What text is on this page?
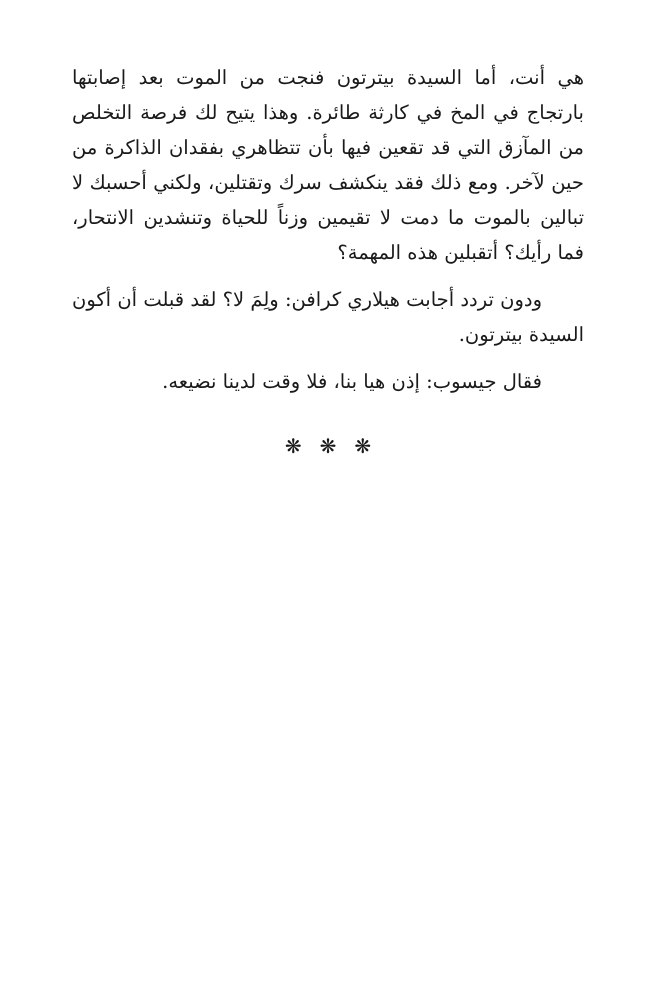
هي أنت، أما السيدة بيترتون فنجت من الموت بعد إصابتها بارتجاج في المخ في كارثة طائرة. وهذا يتيح لك فرصة التخلص من المآزق التي قد تقعين فيها بأن تتظاهري بفقدان الذاكرة من حين لآخر. ومع ذلك فقد ينكشف سرك وتقتلين، ولكني أحسبك لا تبالين بالموت ما دمت لا تقيمين وزناً للحياة وتنشدين الانتحار، فما رأيك؟ أتقبلين هذه المهمة؟

ودون تردد أجابت هيلاري كرافن: ولِمَ لا؟ لقد قبلت أن أكون السيدة بيترتون.

فقال جيسوب: إذن هيا بنا، فلا وقت لدينا نضيعه.

❋❋❋
